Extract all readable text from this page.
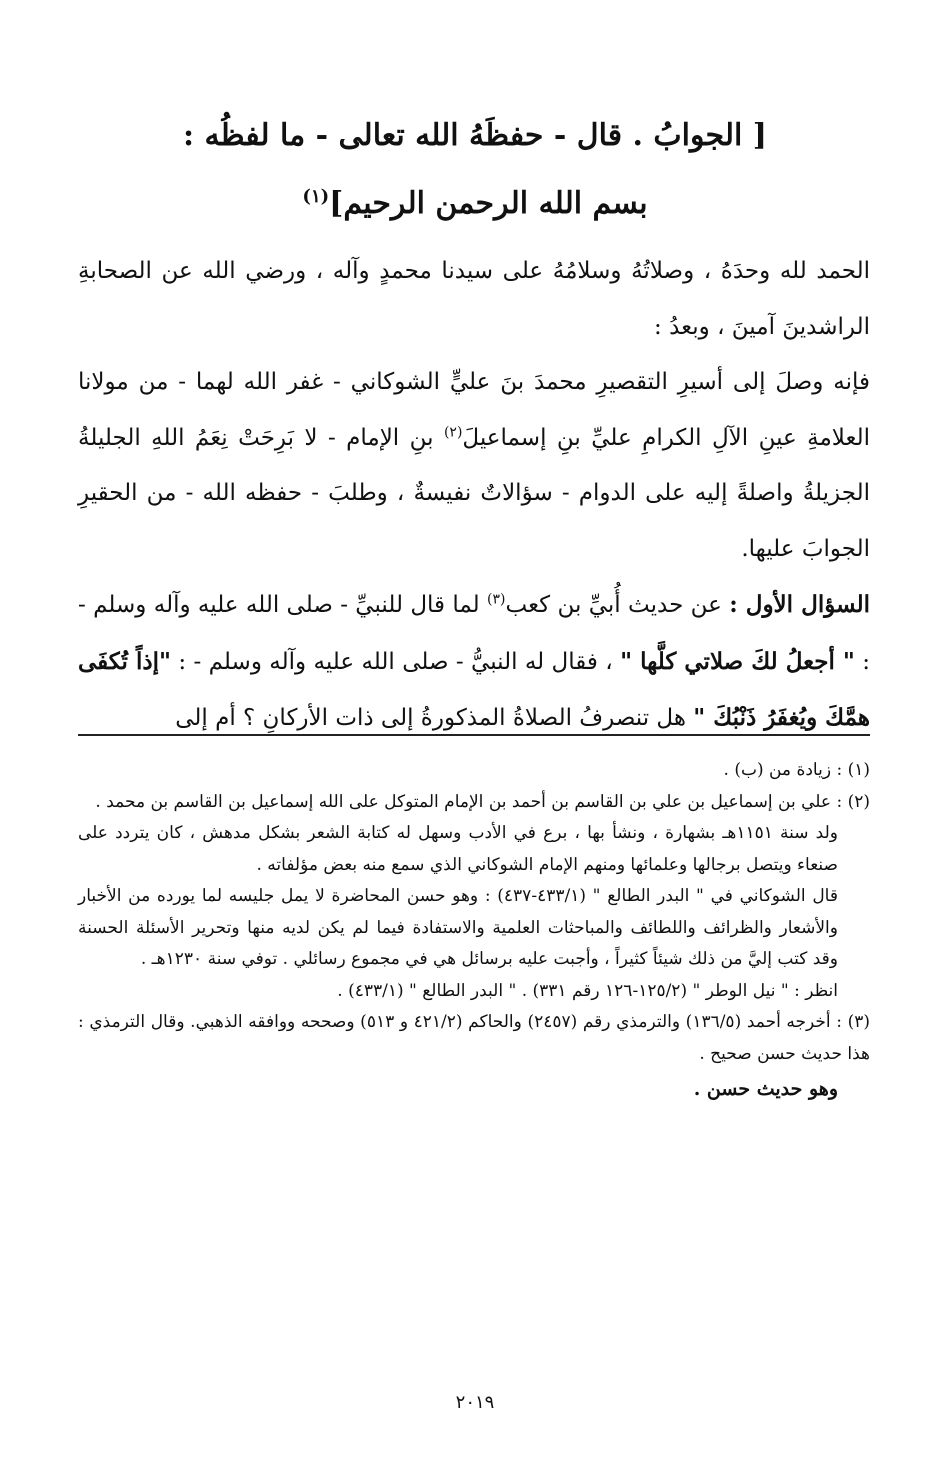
[ الجوابُ . قال - حفظَهُ الله تعالى - ما لفظُه :
بسم الله الرحمن الرحيم]$^{(١)}$

الحمد لله وحدَهُ ، وصلاتُهُ وسلامُهُ على سيدنا محمدٍ وآله ، ورضي الله عن الصحابةِ الراشدينَ آمينَ ، وبعدُ :

فإنه وصلَ إلى أسيرِ التقصيرِ محمدَ بنَ عليٍّ الشوكاني - غفر الله لهما - من مولانا العلامةِ عينِ الآلِ الكرامِ عليِّ بنِ إسماعيلَ$^{(٢)}$ بنِ الإمام - لا بَرِحَتْ نِعَمُ اللهِ الجليلةُ الجزيلةُ واصلةً إليه على الدوام - سؤالاتٌ نفيسةٌ ، وطلبَ - حفظه الله - من الحقيرِ الجوابَ عليها.

السؤال الأول : عن حديث أُبيِّ بن كعب$^{(٣)}$ لما قال للنبيِّ - صلى الله عليه وآله وسلم - : " أجعلُ لكَ صلاتي كلَّها " ، فقال له النبيُّ - صلى الله عليه وآله وسلم - : "إذاً تُكفَى همَّكَ ويُغفَرُ ذَنْبُكَ " هل تنصرفُ الصلاةُ المذكورةُ إلى ذات الأركانِ ؟ أم إلى

(١) : زيادة من (ب) .

(٢) : علي بن إسماعيل بن علي بن القاسم بن أحمد بن الإمام المتوكل على الله إسماعيل بن القاسم بن محمد .

ولد سنة ١١٥١هـ بشهارة ، ونشأ بها ، برع في الأدب وسهل له كتابة الشعر بشكل مدهش ، كان يتردد على صنعاء ويتصل برجالها وعلمائها ومنهم الإمام الشوكاني الذي سمع منه بعض مؤلفاته .

قال الشوكاني في " البدر الطالع " (٤٣٣/١-٤٣٧) : وهو حسن المحاضرة لا يمل جليسه لما يورده من الأخبار والأشعار والظرائف واللطائف والمباحثات العلمية والاستفادة فيما لم يكن لديه منها وتحرير الأسئلة الحسنة وقد كتب إليَّ من ذلك شيئاً كثيراً ، وأجبت عليه برسائل هي في مجموع رسائلي . توفي سنة ١٢٣٠هـ .

انظر : " نيل الوطر " (١٢٥/٢-١٢٦ رقم ٣٣١) . " البدر الطالع " (٤٣٣/١) .

(٣) : أخرجه أحمد (١٣٦/٥) والترمذي رقم (٢٤٥٧) والحاكم (٤٢١/٢ و ٥١٣) وصححه ووافقه الذهبي. وقال الترمذي : هذا حديث حسن صحيح .

وهو حديث حسن .

٢٠١٩
